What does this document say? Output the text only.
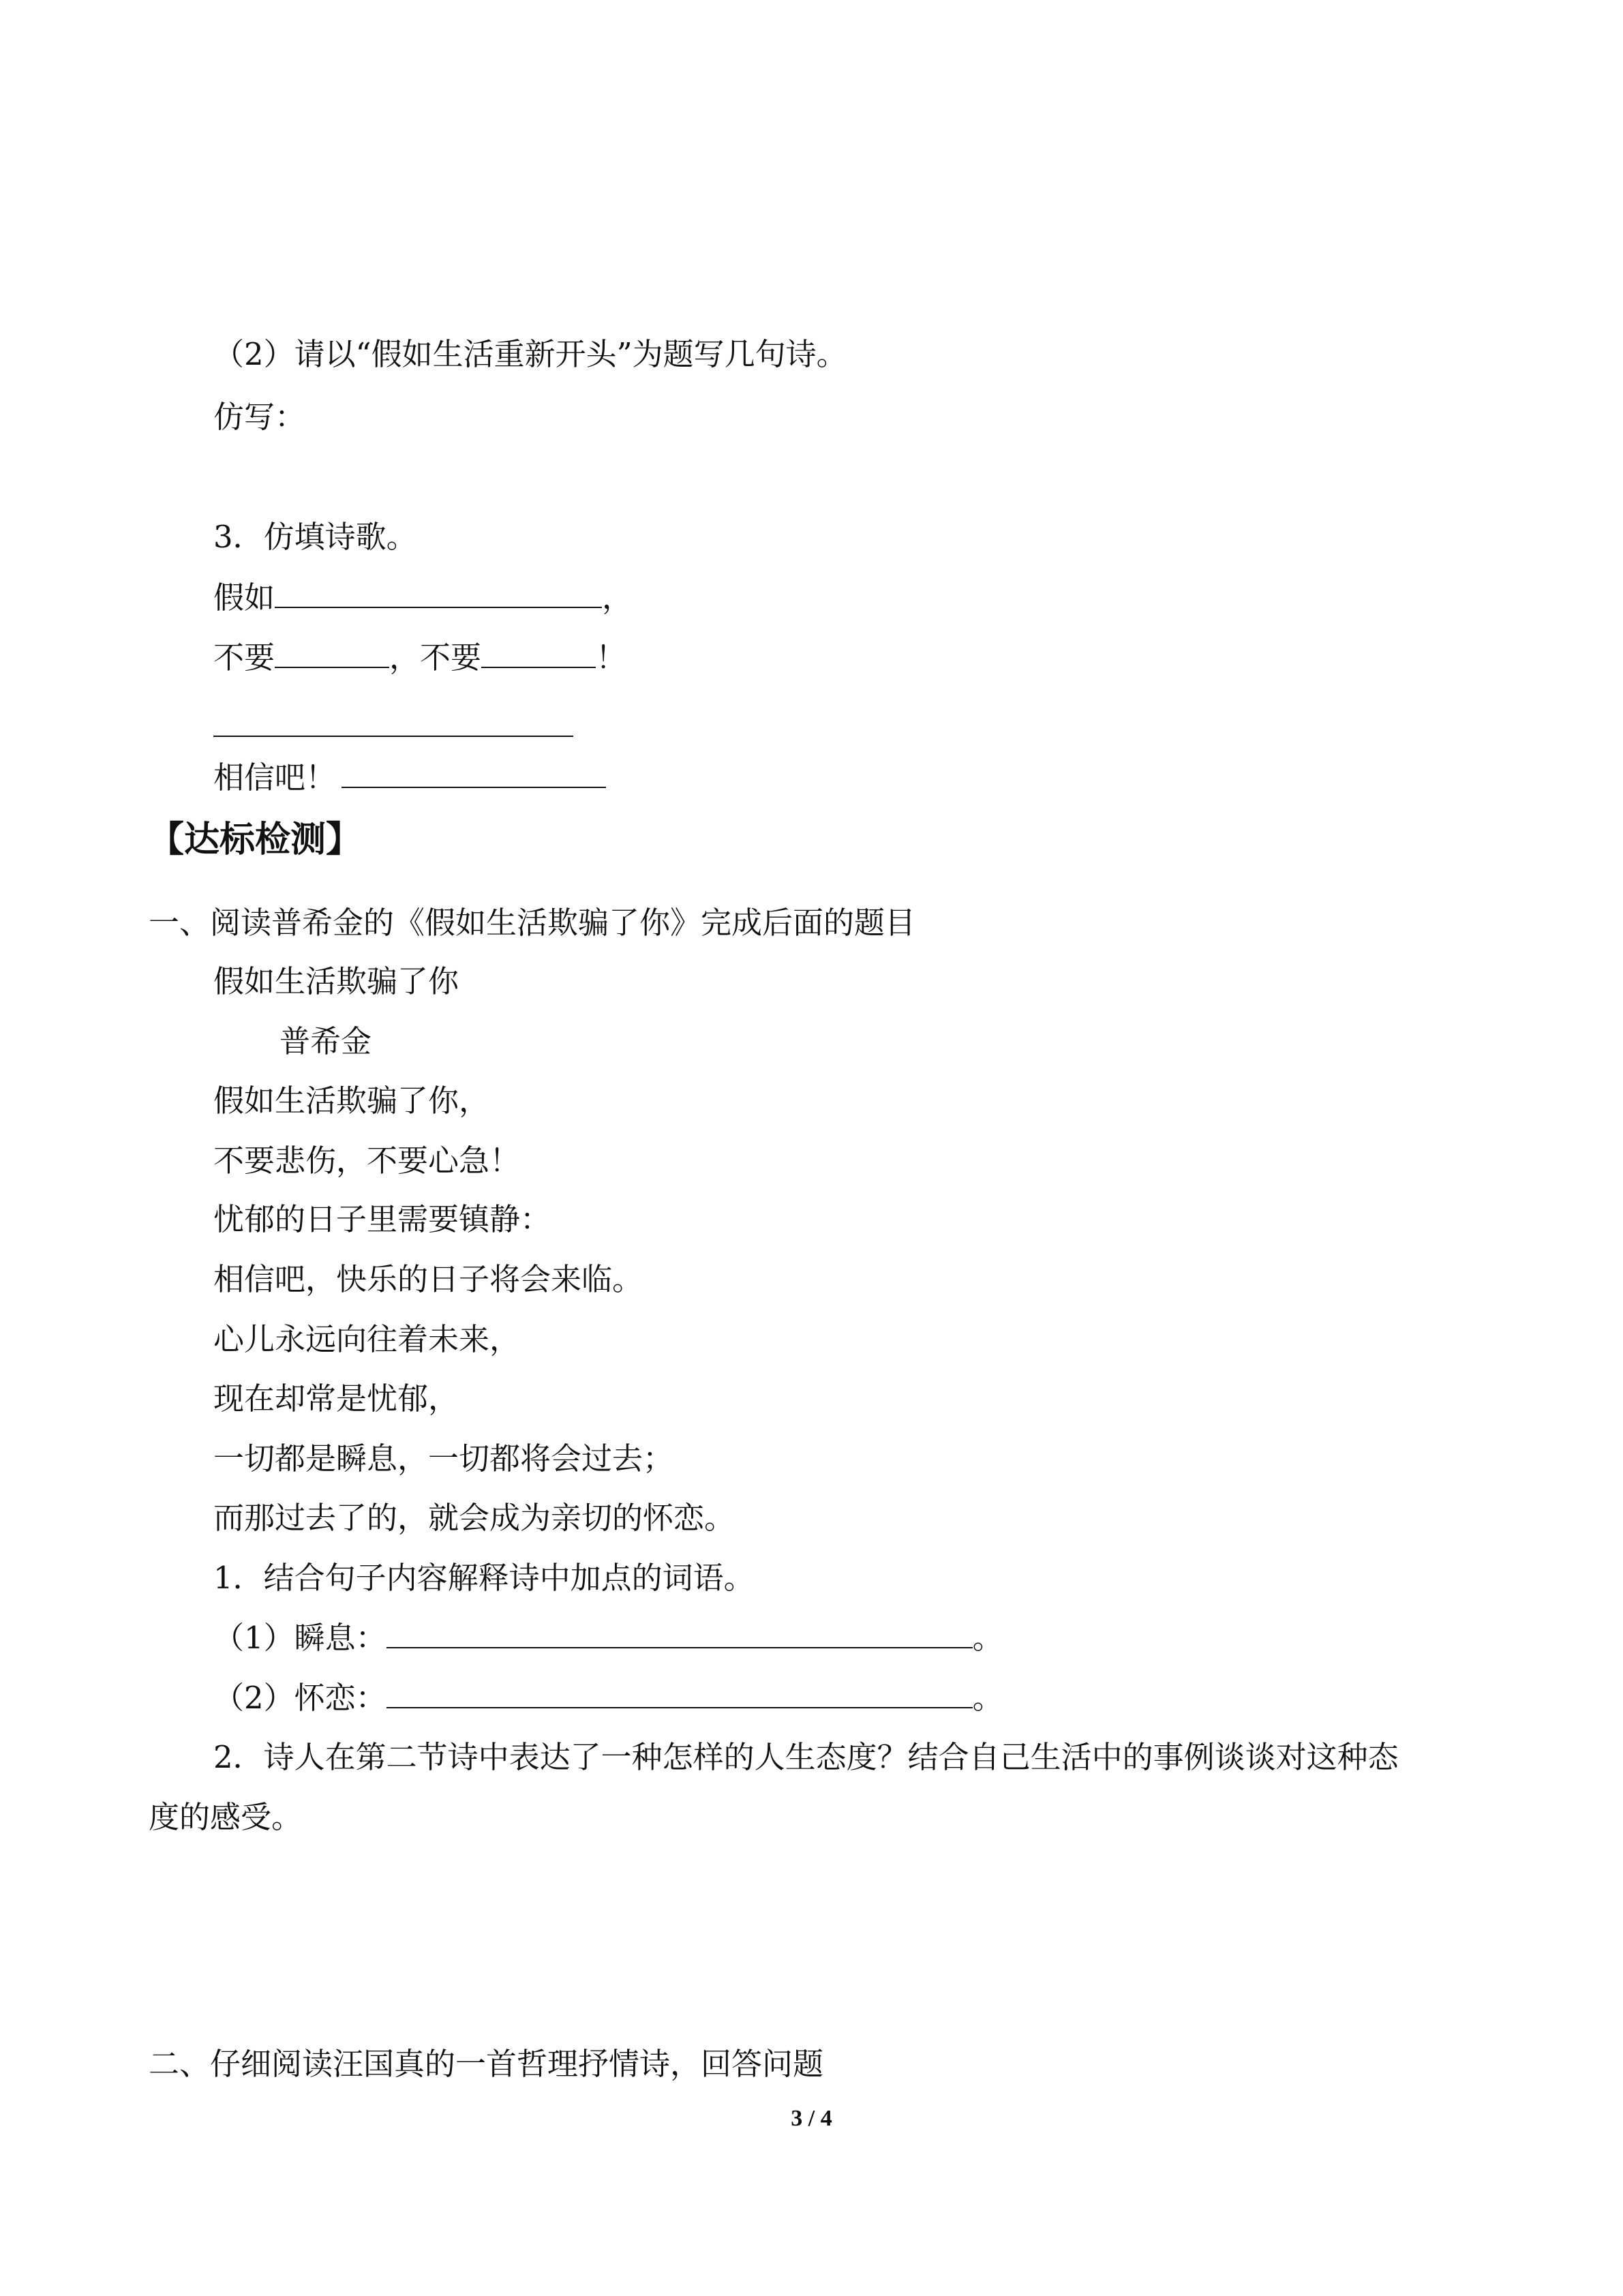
（2）请以“假如生活重新开头”为题写几句诗。
仿写：
3．仿填诗歌。
假如	，
不要	，不要	！
相信吧！
【达标检测】
一、阅读普希金的《假如生活欺骗了你》完成后面的题目
假如生活欺骗了你
普希金
假如生活欺骗了你，
不要悲伤，不要心急！
忧郁的日子里需要镇静：
相信吧，快乐的日子将会来临。
心儿永远向往着未来，
现在却常是忧郁，
一切都是瞬息，一切都将会过去；
而那过去了的，就会成为亲切的怀恋。
1．结合句子内容解释诗中加点的词语。
（1）瞬息：	。
（2）怀恋：	。
2．诗人在第二节诗中表达了一种怎样的人生态度？结合自己生活中的事例谈谈对这种态
度的感受。
二、仔细阅读汪国真的一首哲理抒情诗，回答问题
3 / 4
